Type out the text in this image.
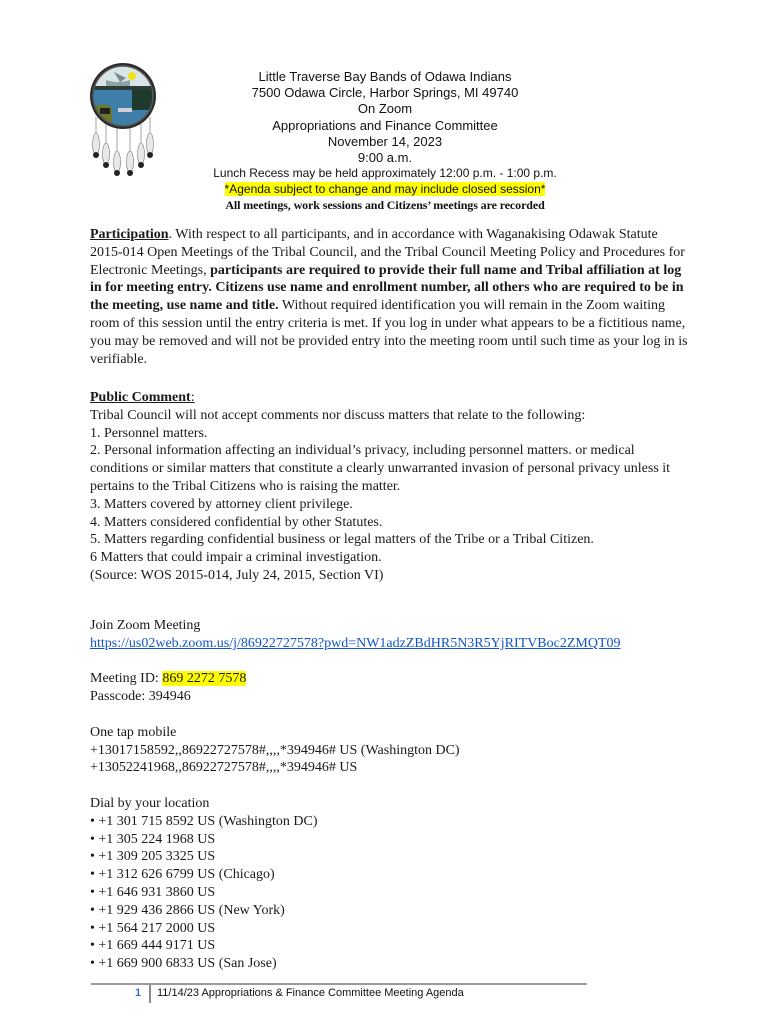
Little Traverse Bay Bands of Odawa Indians
7500 Odawa Circle, Harbor Springs, MI 49740
On Zoom
Appropriations and Finance Committee
November 14, 2023
9:00 a.m.
Lunch Recess may be held approximately 12:00 p.m. - 1:00 p.m.
*Agenda subject to change and may include closed session*
All meetings, work sessions and Citizens’ meetings are recorded

Participation. With respect to all participants, and in accordance with Waganakising Odawak Statute 2015-014 Open Meetings of the Tribal Council, and the Tribal Council Meeting Policy and Procedures for Electronic Meetings, participants are required to provide their full name and Tribal affiliation at log in for meeting entry. Citizens use name and enrollment number, all others who are required to be in the meeting, use name and title. Without required identification you will remain in the Zoom waiting room of this session until the entry criteria is met. If you log in under what appears to be a fictitious name, you may be removed and will not be provided entry into the meeting room until such time as your log in is verifiable.

Public Comment:

Tribal Council will not accept comments nor discuss matters that relate to the following:

1. Personnel matters.

2. Personal information affecting an individual’s privacy, including personnel matters. or medical conditions or similar matters that constitute a clearly unwarranted invasion of personal privacy unless it pertains to the Tribal Citizens who is raising the matter.

3. Matters covered by attorney client privilege.

4. Matters considered confidential by other Statutes.

5. Matters regarding confidential business or legal matters of the Tribe or a Tribal Citizen.

6 Matters that could impair a criminal investigation.

(Source: WOS 2015-014, July 24, 2015, Section VI)

Join Zoom Meeting

https://us02web.zoom.us/j/86922727578?pwd=NW1adzZBdHR5N3R5YjRITVBoc2ZMQT09

Meeting ID: 869 2272 7578

Passcode: 394946

One tap mobile

+13017158592,,86922727578#,,,,*394946# US (Washington DC)

+13052241968,,86922727578#,,,,*394946# US

Dial by your location

• +1 301 715 8592 US (Washington DC)

• +1 305 224 1968 US

• +1 309 205 3325 US

• +1 312 626 6799 US (Chicago)

• +1 646 931 3860 US

• +1 929 436 2866 US (New York)

• +1 564 217 2000 US

• +1 669 444 9171 US

• +1 669 900 6833 US (San Jose)

1 11/14/23 Appropriations & Finance Committee Meeting Agenda
